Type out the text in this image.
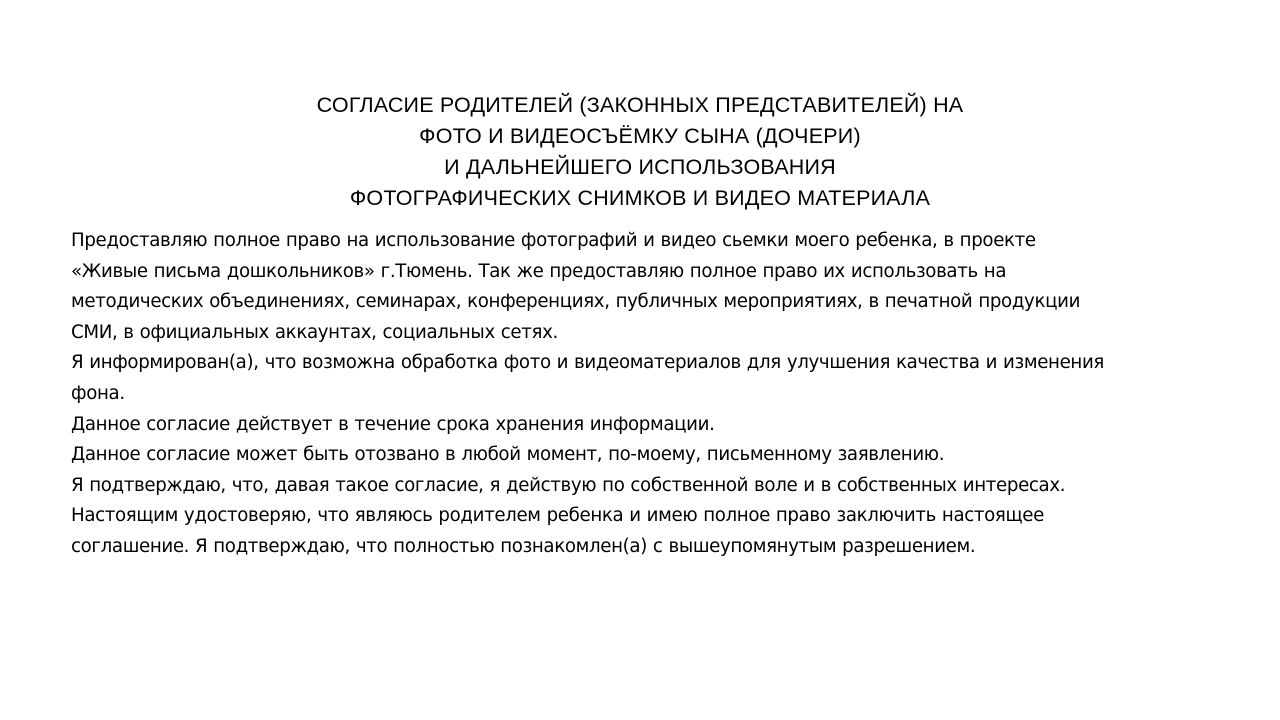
СОГЛАСИЕ РОДИТЕЛЕЙ (ЗАКОННЫХ ПРЕДСТАВИТЕЛЕЙ) НА
ФОТО И ВИДЕОСЪЁМКУ СЫНА (ДОЧЕРИ)
И ДАЛЬНЕЙШЕГО ИСПОЛЬЗОВАНИЯ
ФОТОГРАФИЧЕСКИХ СНИМКОВ И ВИДЕО МАТЕРИАЛА
Предоставляю полное право на использование фотографий и видео сьемки моего ребенка, в проекте
«Живые письма дошкольников» г.Тюмень. Так же предоставляю полное право их использовать на
методических объединениях, семинарах, конференциях, публичных мероприятиях, в печатной продукции
СМИ, в официальных аккаунтах, социальных сетях.
Я информирован(а), что возможна обработка фото и видеоматериалов для улучшения качества и изменения
фона.
Данное согласие действует в течение срока хранения информации.
Данное согласие может быть отозвано в любой момент, по-моему, письменному заявлению.
Я подтверждаю, что, давая такое согласие, я действую по собственной воле и в собственных интересах.
Настоящим удостоверяю, что являюсь родителем ребенка и имею полное право заключить настоящее
соглашение. Я подтверждаю, что полностью познакомлен(а) с вышеупомянутым разрешением.
